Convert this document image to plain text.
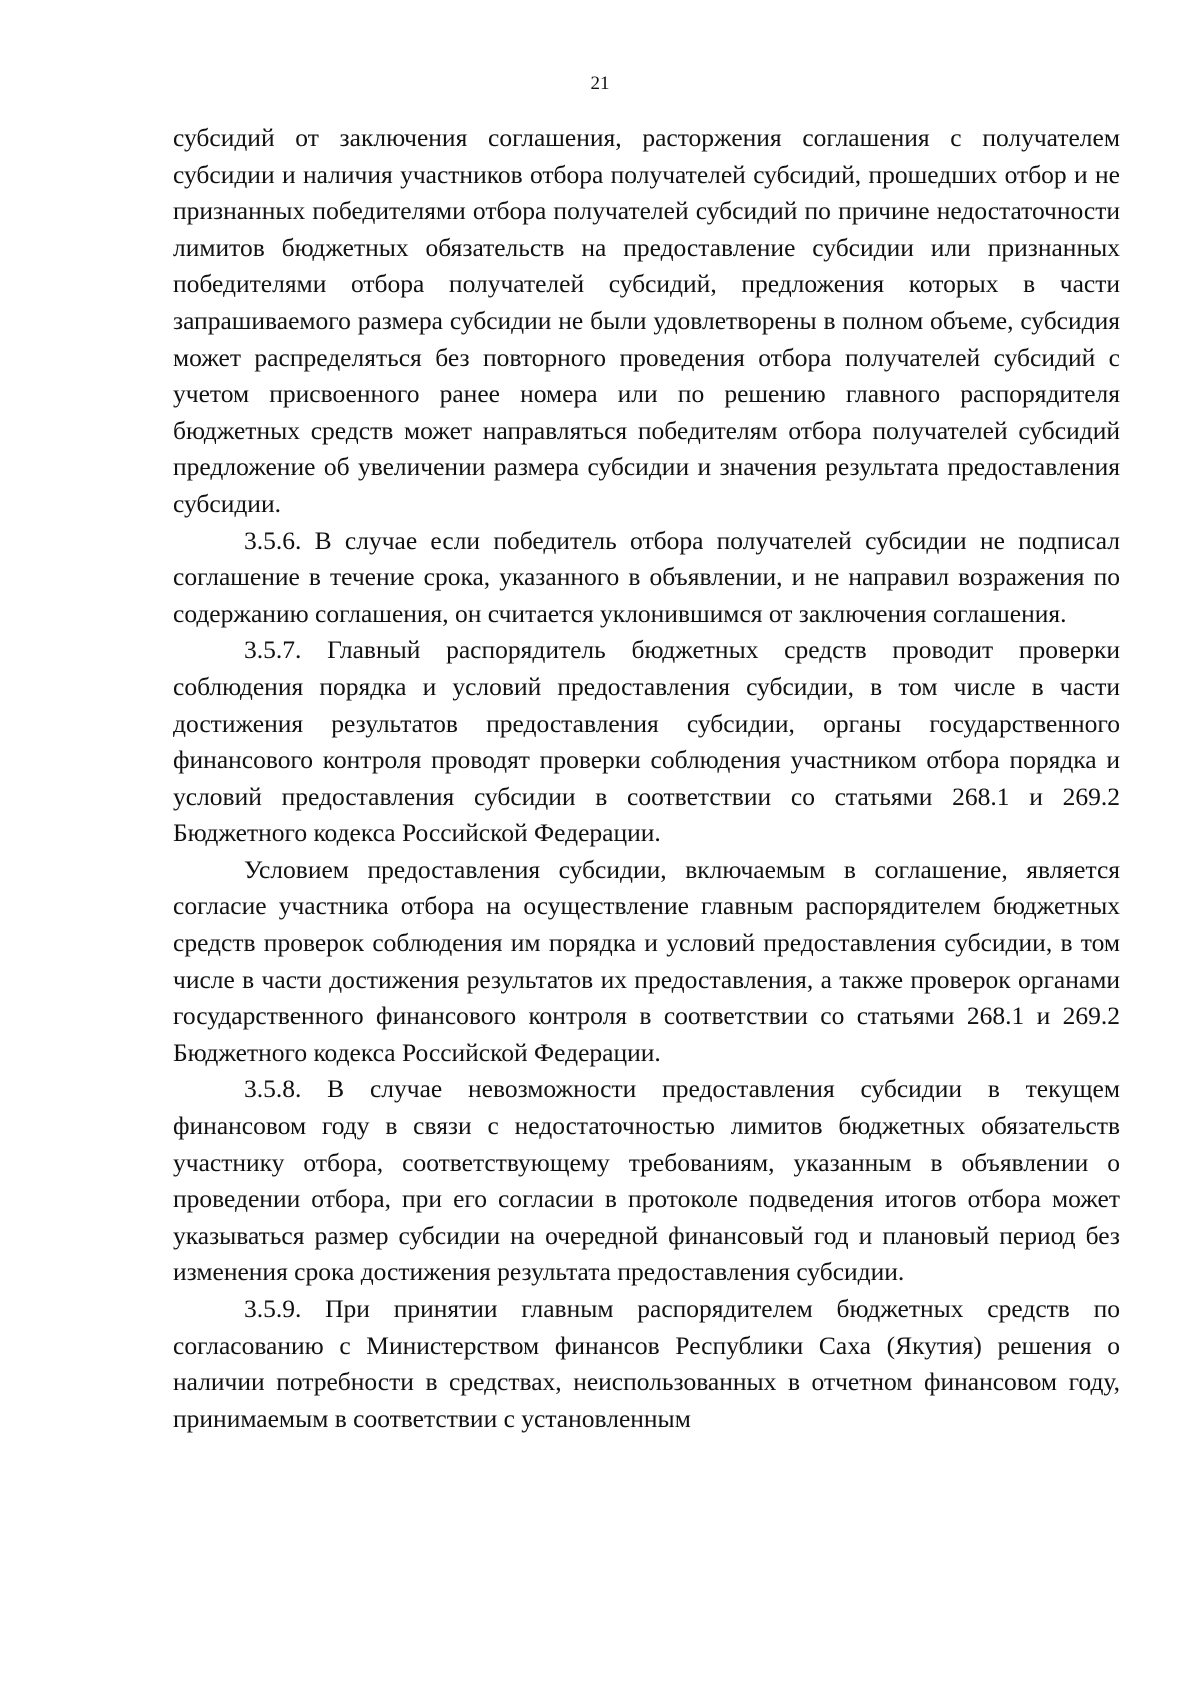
21

субсидий от заключения соглашения, расторжения соглашения с получателем субсидии и наличия участников отбора получателей субсидий, прошедших отбор и не признанных победителями отбора получателей субсидий по причине недостаточности лимитов бюджетных обязательств на предоставление субсидии или признанных победителями отбора получателей субсидий, предложения которых в части запрашиваемого размера субсидии не были удовлетворены в полном объеме, субсидия может распределяться без повторного проведения отбора получателей субсидий с учетом присвоенного ранее номера или по решению главного распорядителя бюджетных средств может направляться победителям отбора получателей субсидий предложение об увеличении размера субсидии и значения результата предоставления субсидии.

3.5.6. В случае если победитель отбора получателей субсидии не подписал соглашение в течение срока, указанного в объявлении, и не направил возражения по содержанию соглашения, он считается уклонившимся от заключения соглашения.

3.5.7. Главный распорядитель бюджетных средств проводит проверки соблюдения порядка и условий предоставления субсидии, в том числе в части достижения результатов предоставления субсидии, органы государственного финансового контроля проводят проверки соблюдения участником отбора порядка и условий предоставления субсидии в соответствии со статьями 268.1 и 269.2 Бюджетного кодекса Российской Федерации.

Условием предоставления субсидии, включаемым в соглашение, является согласие участника отбора на осуществление главным распорядителем бюджетных средств проверок соблюдения им порядка и условий предоставления субсидии, в том числе в части достижения результатов их предоставления, а также проверок органами государственного финансового контроля в соответствии со статьями 268.1 и 269.2 Бюджетного кодекса Российской Федерации.

3.5.8. В случае невозможности предоставления субсидии в текущем финансовом году в связи с недостаточностью лимитов бюджетных обязательств участнику отбора, соответствующему требованиям, указанным в объявлении о проведении отбора, при его согласии в протоколе подведения итогов отбора может указываться размер субсидии на очередной финансовый год и плановый период без изменения срока достижения результата предоставления субсидии.

3.5.9. При принятии главным распорядителем бюджетных средств по согласованию с Министерством финансов Республики Саха (Якутия) решения о наличии потребности в средствах, неиспользованных в отчетном финансовом году, принимаемым в соответствии с установленным
